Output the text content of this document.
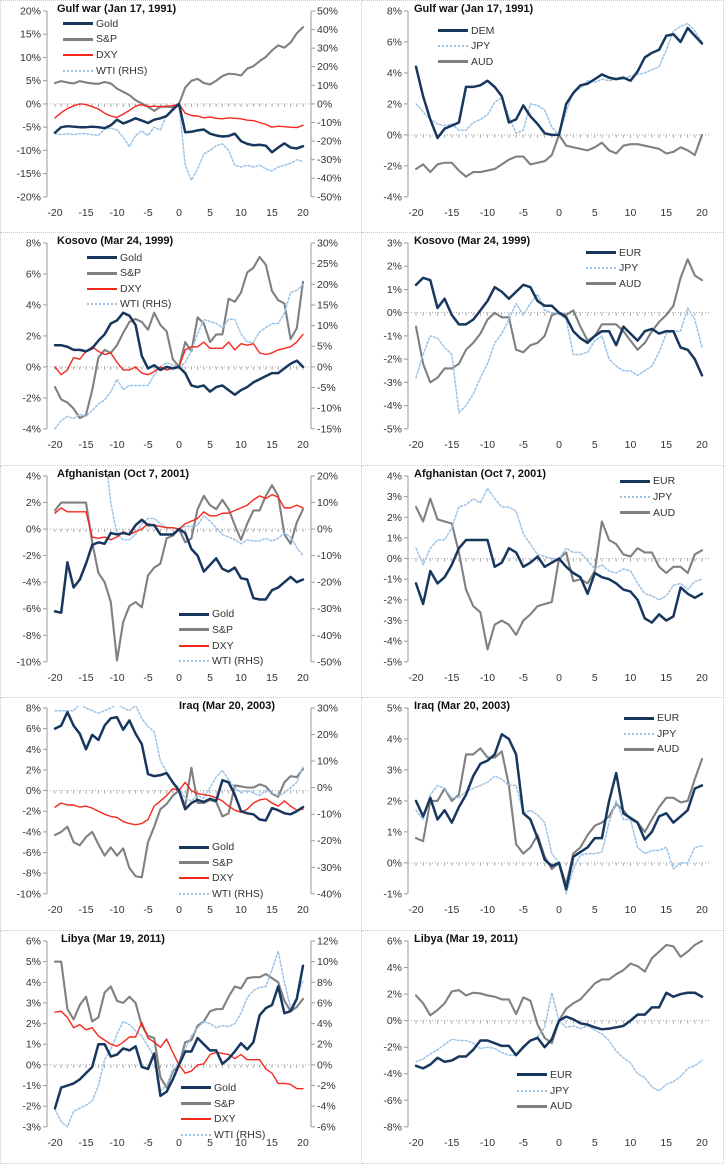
-20%
-15%
-10%
-5%
0%
5%
10%
15%
20%
-50%
-40%
-30%
-20%
-10%
0%
10%
20%
30%
40%
50%
-20 -15 -10 -5 0 5 10 15 20
Gulf war (Jan 17, 1991)
Gold
S&P
DXY
WTI (RHS)
-4%
-2%
0%
2%
4%
6%
8%
-20 -15 -10 -5	0	5	10 15 20
Gulf war (Jan 17, 1991)
DEM
JPY
AUD
-4%
-2%
0%
2%
4%
6%
8%
-15%
-10%
-5%
0%
5%
10%
15%
20%
25%
30%
-20 -15 -10 -5 0 5 10 15 20
Kosovo (Mar 24, 1999)
Gold
S&P
DXY
WTI (RHS)
-5%
-4%
-3%
-2%
-1%
0%
1%
2%
3%
-20 -15 -10 -5	0	5	10 15 20
Kosovo (Mar 24, 1999)
EUR
JPY
AUD
-10%
-8%
-6%
-4%
-2%
0%
2%
4%
-50%
-40%
-30%
-20%
-10%
0%
10%
20%
-20 -15 -10 -5 0 5 10 15 20
Afghanistan (Oct 7, 2001)
Gold
S&P
DXY
WTI (RHS)	-5%
-4%
-3%
-2%
-1%
0%
1%
2%
3%
4%
-20 -15 -10 -5	0	5	10 15 20
Afghanistan (Oct 7, 2001)
EUR
JPY
AUD
-10%
-8%
-6%
-4%
-2%
0%
2%
4%
6%
8%
-40%
-30%
-20%
-10%
0%
10%
20%
30%
-20 -15 -10 -5 0 5 10 15 20
Iraq (Mar 20, 2003)
Gold
S&P
DXY
WTI (RHS)	-1%
0%
1%
2%
3%
4%
5%
-20 -15 -10 -5	0	5	10 15 20
Iraq (Mar 20, 2003)
EUR
JPY
AUD
-3%
-2%
-1%
0%
1%
2%
3%
4%
5%
6%
-6%
-4%
-2%
0%
2%
4%
6%
8%
10%
12%
-20 -15 -10 -5 0 5 10 15 20
Libya (Mar 19, 2011)
Gold
S&P
DXY
WTI (RHS)
-8%
-6%
-4%
-2%
0%
2%
4%
6%
-20 -15 -10 -5	0	5	10 15 20
Libya (Mar 19, 2011)
EUR
JPY
AUD
